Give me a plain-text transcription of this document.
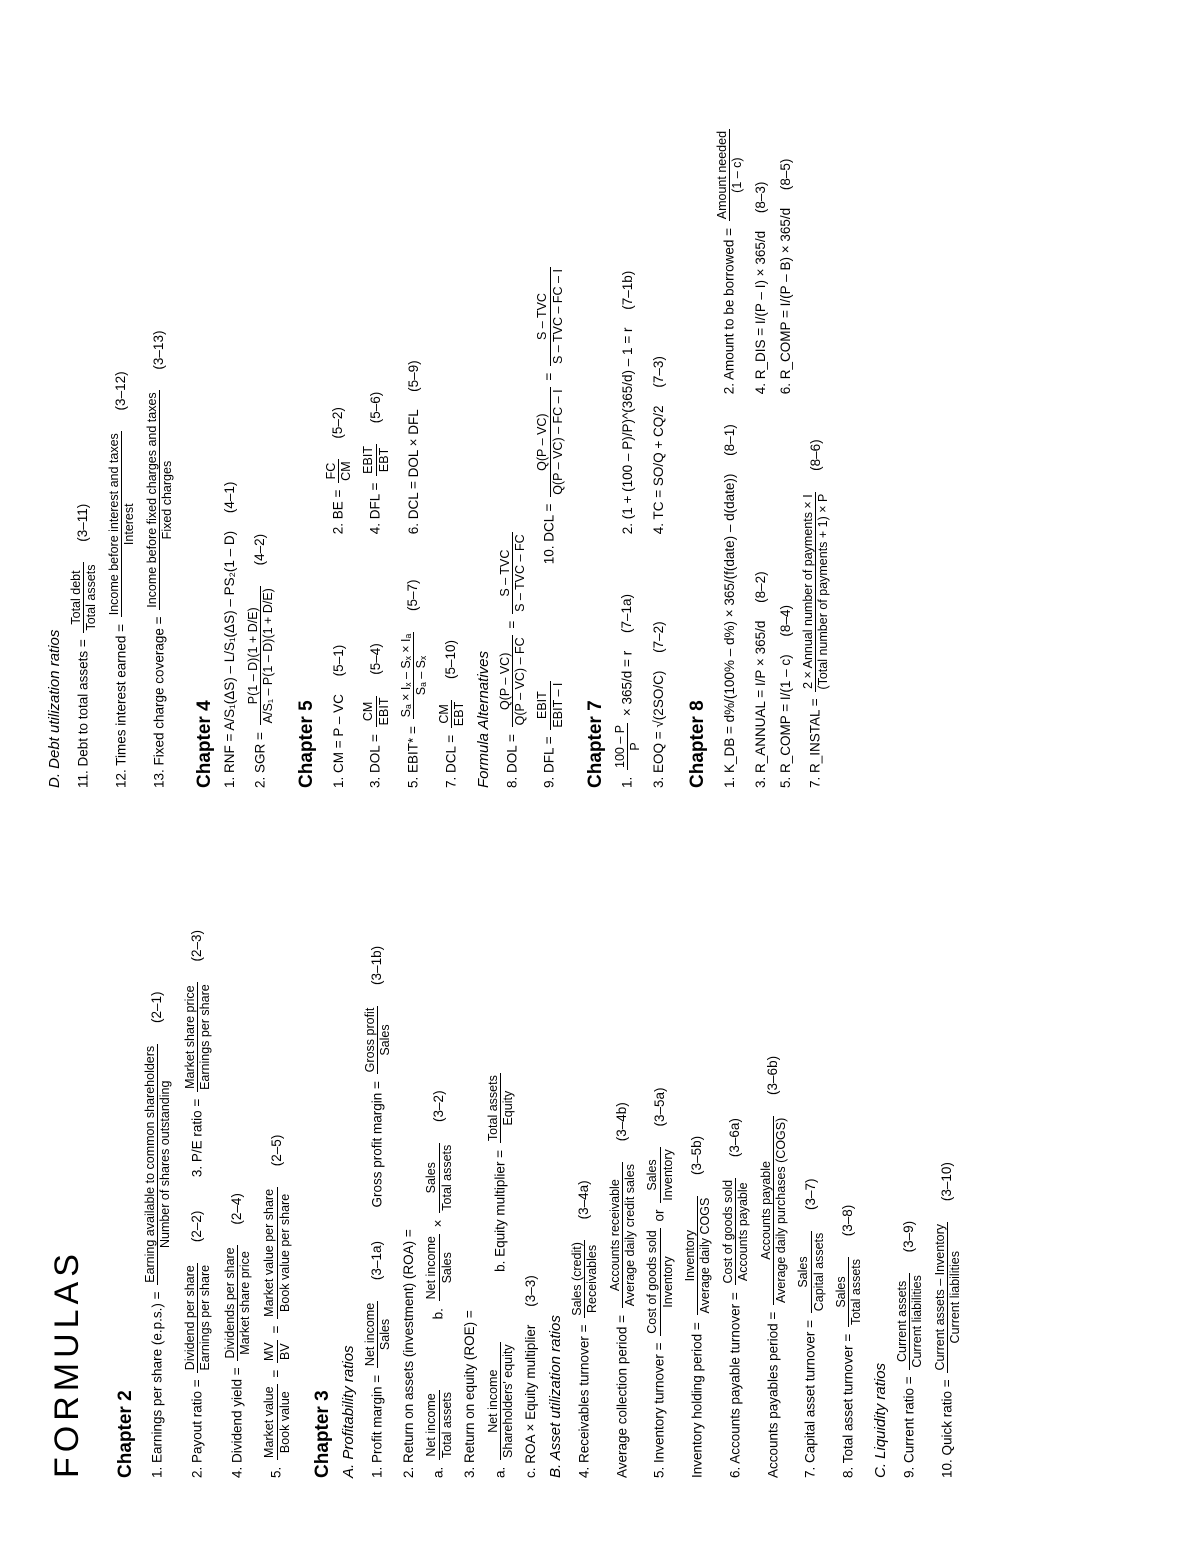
FORMULAS Chapter 2 1. Earnings per share (e.p.s.) =
Earning available to common shareholders Number of shares outstanding
(2–1)
2. Payout ratio =
Dividend per share Earnings per share
(2–2)  3. P/E ratio =
Market share price Earnings per share
(2–3)
4. Dividend yield =
Dividends per share Market share price
(2–4)
5.
Market value Book value
=
MV BV
=
Market value per share Book value per share
(2–5)
Chapter 3 A. Profitability ratios 1. Profit margin =
Net income Sales
(3–1a)  Gross profit margin =
Gross profit Sales
(3–1b)
2. Return on assets (investment) (ROA) =	a.
Net income Total assets
b.
Net income Sales
×
Sales Total assets
(3–2)
3. Return on equity (ROE) =	a.
Net income Shareholders' equity
b. Equity multiplier =
Total assets Equity
c. ROA × Equity multiplier (3–3)
B. Asset utilization ratios 4. Receivables turnover =
Sales (credit) Receivables
(3–4a)
Average collection period =
Accounts receivable Average daily credit sales
(3–4b)
5. Inventory turnover =
Cost of goods sold Inventory
or
Sales Inventory
(3–5a)
Inventory holding period =
Inventory Average daily COGS
(3–5b)
6. Accounts payable turnover =
Cost of goods sold Accounts payable
(3–6a)
Accounts payables period =
Accounts payable Average daily purchases (COGS)
(3–6b)
7. Capital asset turnover =
Sales Capital assets
(3–7)
8. Total asset turnover =
Sales Total assets
(3–8)
C. Liquidity ratios 9. Current ratio =
Current assets Current liabilities
(3–9)
10. Quick ratio =
Current assets – Inventory Current liabilities
(3–10)
D. Debt utilization ratios 11. Debt to total assets =
Total debt Total assets
(3–11)
12. Times interest earned =
Income before interest and taxes Interest
(3–12)
13. Fixed charge coverage =
Income before fixed charges and taxes Fixed charges
(3–13)
Chapter 4 1. RNF = A/S₁(ΔS) – L/S₁(ΔS) – PS₂(1 – D) (4–1)
2. SGR =
P(1 – D)(1 + D/E) A/S₁ – P(1 – D)(1 + D/E)
(4–2)
Chapter 5	1. CM = P – VC (5–1) 2. BE =
FC CM
(5–2)
3. DOL =
CM EBIT
(5–4) 4. DFL =
EBIT EBT
(5–6)
5. EBIT* =
Sₐ × Iₓ – Sₓ × Iₐ Sₐ – Sₓ
(5–7) 6. DCL = DOL × DFL (5–9)
7. DCL =
CM EBT
(5–10)	Formula Alternatives 8. DOL =
Q(P – VC) Q(P – VC) – FC
=
S – TVC S – TVC – FC
9. DFL =
EBIT EBIT – I
10. DCL =
Q(P – VC) Q(P – VC) – FC – I
=
S – TVC S – TVC – FC – I
Chapter 7 1.
100 – P P
× 365/d = r (7–1a) 2. (1 + (100 – P)/P)^(365/d) – 1 = r (7–1b)
3. EOQ = √(2SO/C) (7–2) 4. TC = SO/Q + CQ/2 (7–3)
Chapter 8	1. K_DB = d%/(100% – d%) × 365/(f(date) – d(date)) (8–1) 2. Amount to be borrowed =
Amount needed (1 – c)
3. R_ANNUAL = I/P × 365/d (8–2) 4. R_DIS = I/(P – I) × 365/d (8–3)
5. R_COMP = I/(1 – c) (8–4) 6. R_COMP = I/(P – B) × 365/d (8–5)
7. R_INSTAL =
2 × Annual number of payments × I (Total number of payments + 1) × P
(8–6)
